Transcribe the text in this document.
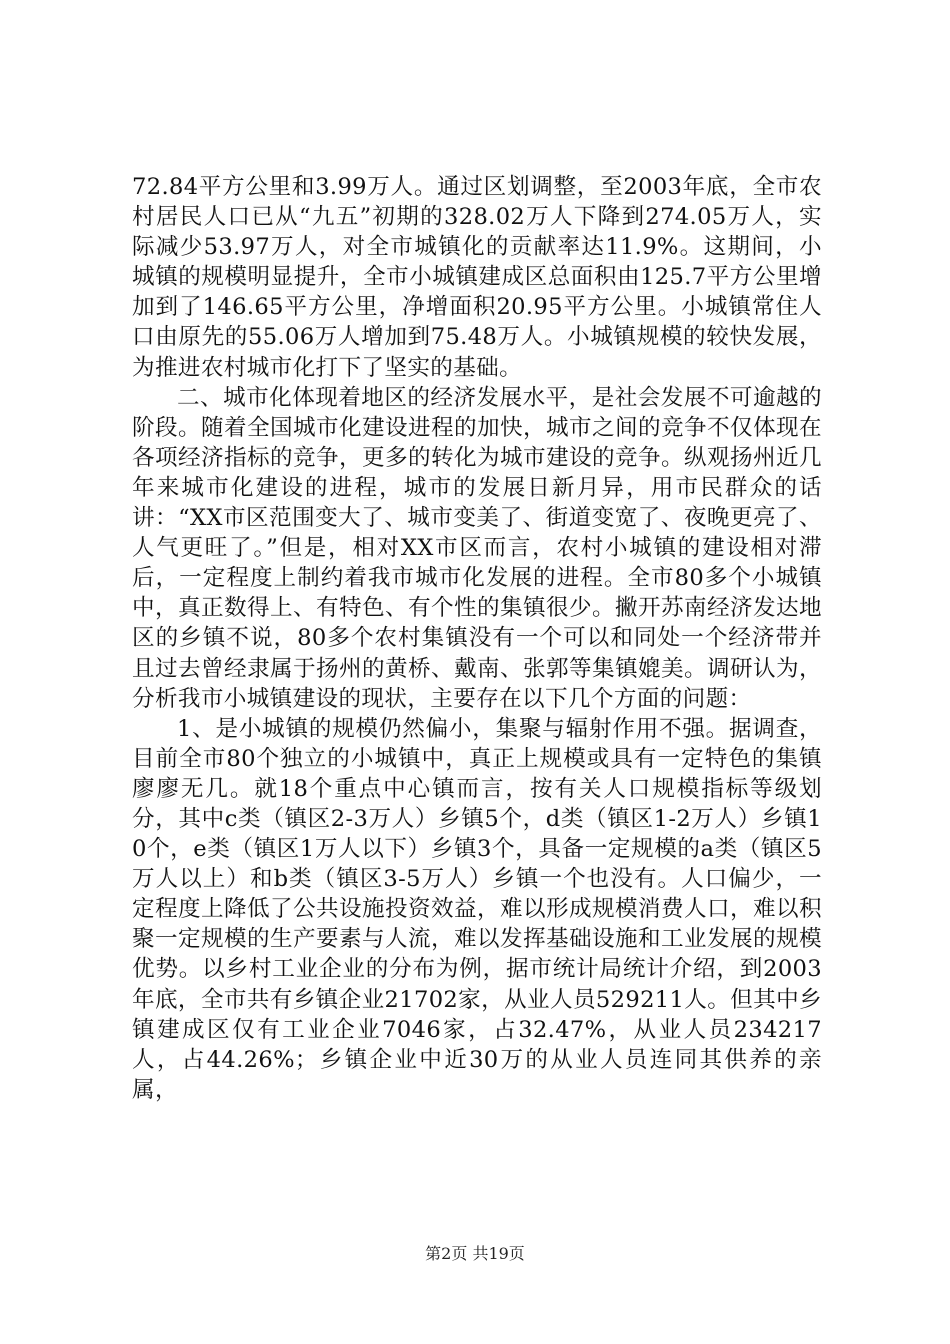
72.84平方公里和3.99万人。通过区划调整，至2003年底，全市农村居民人口已从“九五”初期的328.02万人下降到274.05万人，实际减少53.97万人，对全市城镇化的贡献率达11.9%。这期间，小城镇的规模明显提升，全市小城镇建成区总面积由125.7平方公里增加到了146.65平方公里，净增面积20.95平方公里。小城镇常住人口由原先的55.06万人增加到75.48万人。小城镇规模的较快发展，为推进农村城市化打下了坚实的基础。

二、城市化体现着地区的经济发展水平，是社会发展不可逾越的阶段。随着全国城市化建设进程的加快，城市之间的竞争不仅体现在各项经济指标的竞争，更多的转化为城市建设的竞争。纵观扬州近几年来城市化建设的进程，城市的发展日新月异，用市民群众的话讲：“XX市区范围变大了、城市变美了、街道变宽了、夜晚更亮了、人气更旺了。”但是，相对XX市区而言，农村小城镇的建设相对滞后，一定程度上制约着我市城市化发展的进程。全市80多个小城镇中，真正数得上、有特色、有个性的集镇很少。撇开苏南经济发达地区的乡镇不说，80多个农村集镇没有一个可以和同处一个经济带并且过去曾经隶属于扬州的黄桥、戴南、张郭等集镇媲美。调研认为，分析我市小城镇建设的现状，主要存在以下几个方面的问题：

1、是小城镇的规模仍然偏小，集聚与辐射作用不强。据调查，目前全市80个独立的小城镇中，真正上规模或具有一定特色的集镇廖廖无几。就18个重点中心镇而言，按有关人口规模指标等级划分，其中c类（镇区2-3万人）乡镇5个，d类（镇区1-2万人）乡镇10个，e类（镇区1万人以下）乡镇3个，具备一定规模的a类（镇区5万人以上）和b类（镇区3-5万人）乡镇一个也没有。人口偏少，一定程度上降低了公共设施投资效益，难以形成规模消费人口，难以积聚一定规模的生产要素与人流，难以发挥基础设施和工业发展的规模优势。以乡村工业企业的分布为例，据市统计局统计介绍，到2003年底，全市共有乡镇企业21702家，从业人员529211人。但其中乡镇建成区仅有工业企业7046家，占32.47%，从业人员234217人，占44.26%；乡镇企业中近30万的从业人员连同其供养的亲属，

第2页 共19页
